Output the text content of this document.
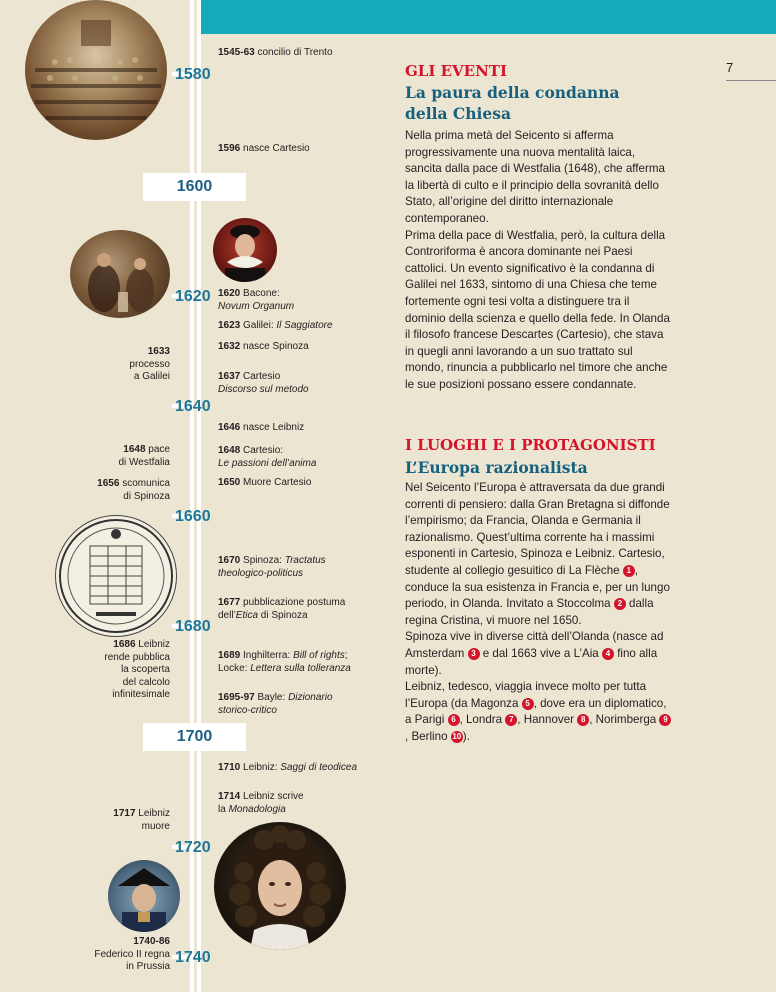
1600
1700
1580
1620
1640
1660
1680
1720
1740
1545-63 concilio di Trento
1596 nasce Cartesio
1620 Bacone:
Novum Organum
1623 Galilei: Il Saggiatore
1632 nasce Spinoza
1637 Cartesio
Discorso sul metodo
1646 nasce Leibniz
1648 Cartesio:
Le passioni dell’anima
1650 Muore Cartesio
1670 Spinoza: Tractatus
theologico-politicus
1677 pubblicazione postuma
dell’Etica di Spinoza
1689 Inghilterra: Bill of rights;
Locke: Lettera sulla tolleranza
1695-97 Bayle: Dizionario
storico-critico
1710 Leibniz: Saggi di teodicea
1714 Leibniz scrive
la Monadologia
1633
processo
a Galilei
1648 pace
di Westfalia
1656 scomunica
di Spinoza
1686 Leibniz
rende pubblica
la scoperta
del calcolo
infinitesimale
1717 Leibniz
muore
1740-86
Federico II regna
in Prussia
7
GLI EVENTI
La paura della condanna
della Chiesa

Nella prima metà del Seicento si afferma progressivamente una nuova mentalità laica, sancita dalla pace di Westfalia (1648), che afferma la libertà di culto e il principio della sovranità dello Stato, all’origine del diritto internazionale contemporaneo.

Prima della pace di Westfalia, però, la cultura della Controriforma è ancora dominante nei Paesi cattolici. Un evento significativo è la condanna di Galilei nel 1633, sintomo di una Chiesa che teme fortemente ogni tesi volta a distinguere tra il dominio della scienza e quello della fede. In Olanda il filosofo francese Descartes (Cartesio), che stava in quegli anni lavorando a un suo trattato sul mondo, rinuncia a pubblicarlo nel timore che anche le sue posizioni possano essere condannate.

I LUOGHI E I PROTAGONISTI
L’Europa razionalista

Nel Seicento l’Europa è attraversata da due grandi correnti di pensiero: dalla Gran Bretagna si diffonde l’empirismo; da Francia, Olanda e Germania il razionalismo. Quest’ultima corrente ha i massimi esponenti in Cartesio, Spinoza e Leibniz. Cartesio, studente al collegio gesuitico di La Flèche 1 , conduce la sua esistenza in Francia e, per un lungo periodo, in Olanda. Invitato a Stoccolma 2 dalla regina Cristina, vi muore nel 1650.

Spinoza vive in diverse città dell’Olanda (nasce ad Amsterdam 3 e dal 1663 vive a L’Aia 4 fino alla morte).

Leibniz, tedesco, viaggia invece molto per tutta l’Europa (da Magonza 5 , dove era un diplomatico, a Parigi 6 , Londra 7 , Hannover 8 , Norimberga 9, Berlino 10 ).
